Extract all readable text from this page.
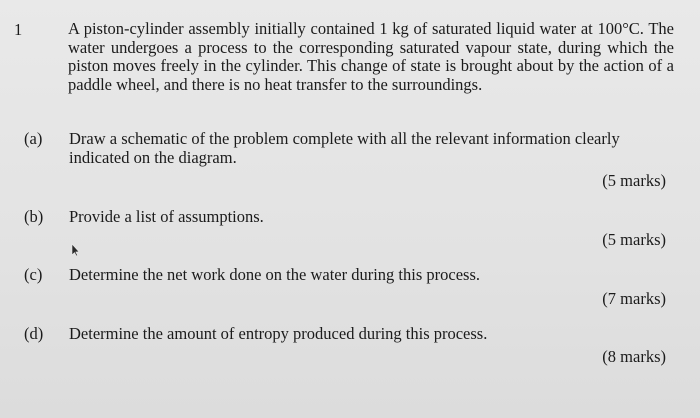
1	A piston-cylinder assembly initially contained 1 kg of saturated liquid water at 100°C. The water undergoes a process to the corresponding saturated vapour state, during which the piston moves freely in the cylinder. This change of state is brought about by the action of a paddle wheel, and there is no heat transfer to the surroundings.

(a) Draw a schematic of the problem complete with all the relevant information clearly indicated on the diagram.

(5 marks)
(b) Provide a list of assumptions.

(5 marks)
(c) Determine the net work done on the water during this process.

(7 marks)
(d) Determine the amount of entropy produced during this process.

(8 marks)
